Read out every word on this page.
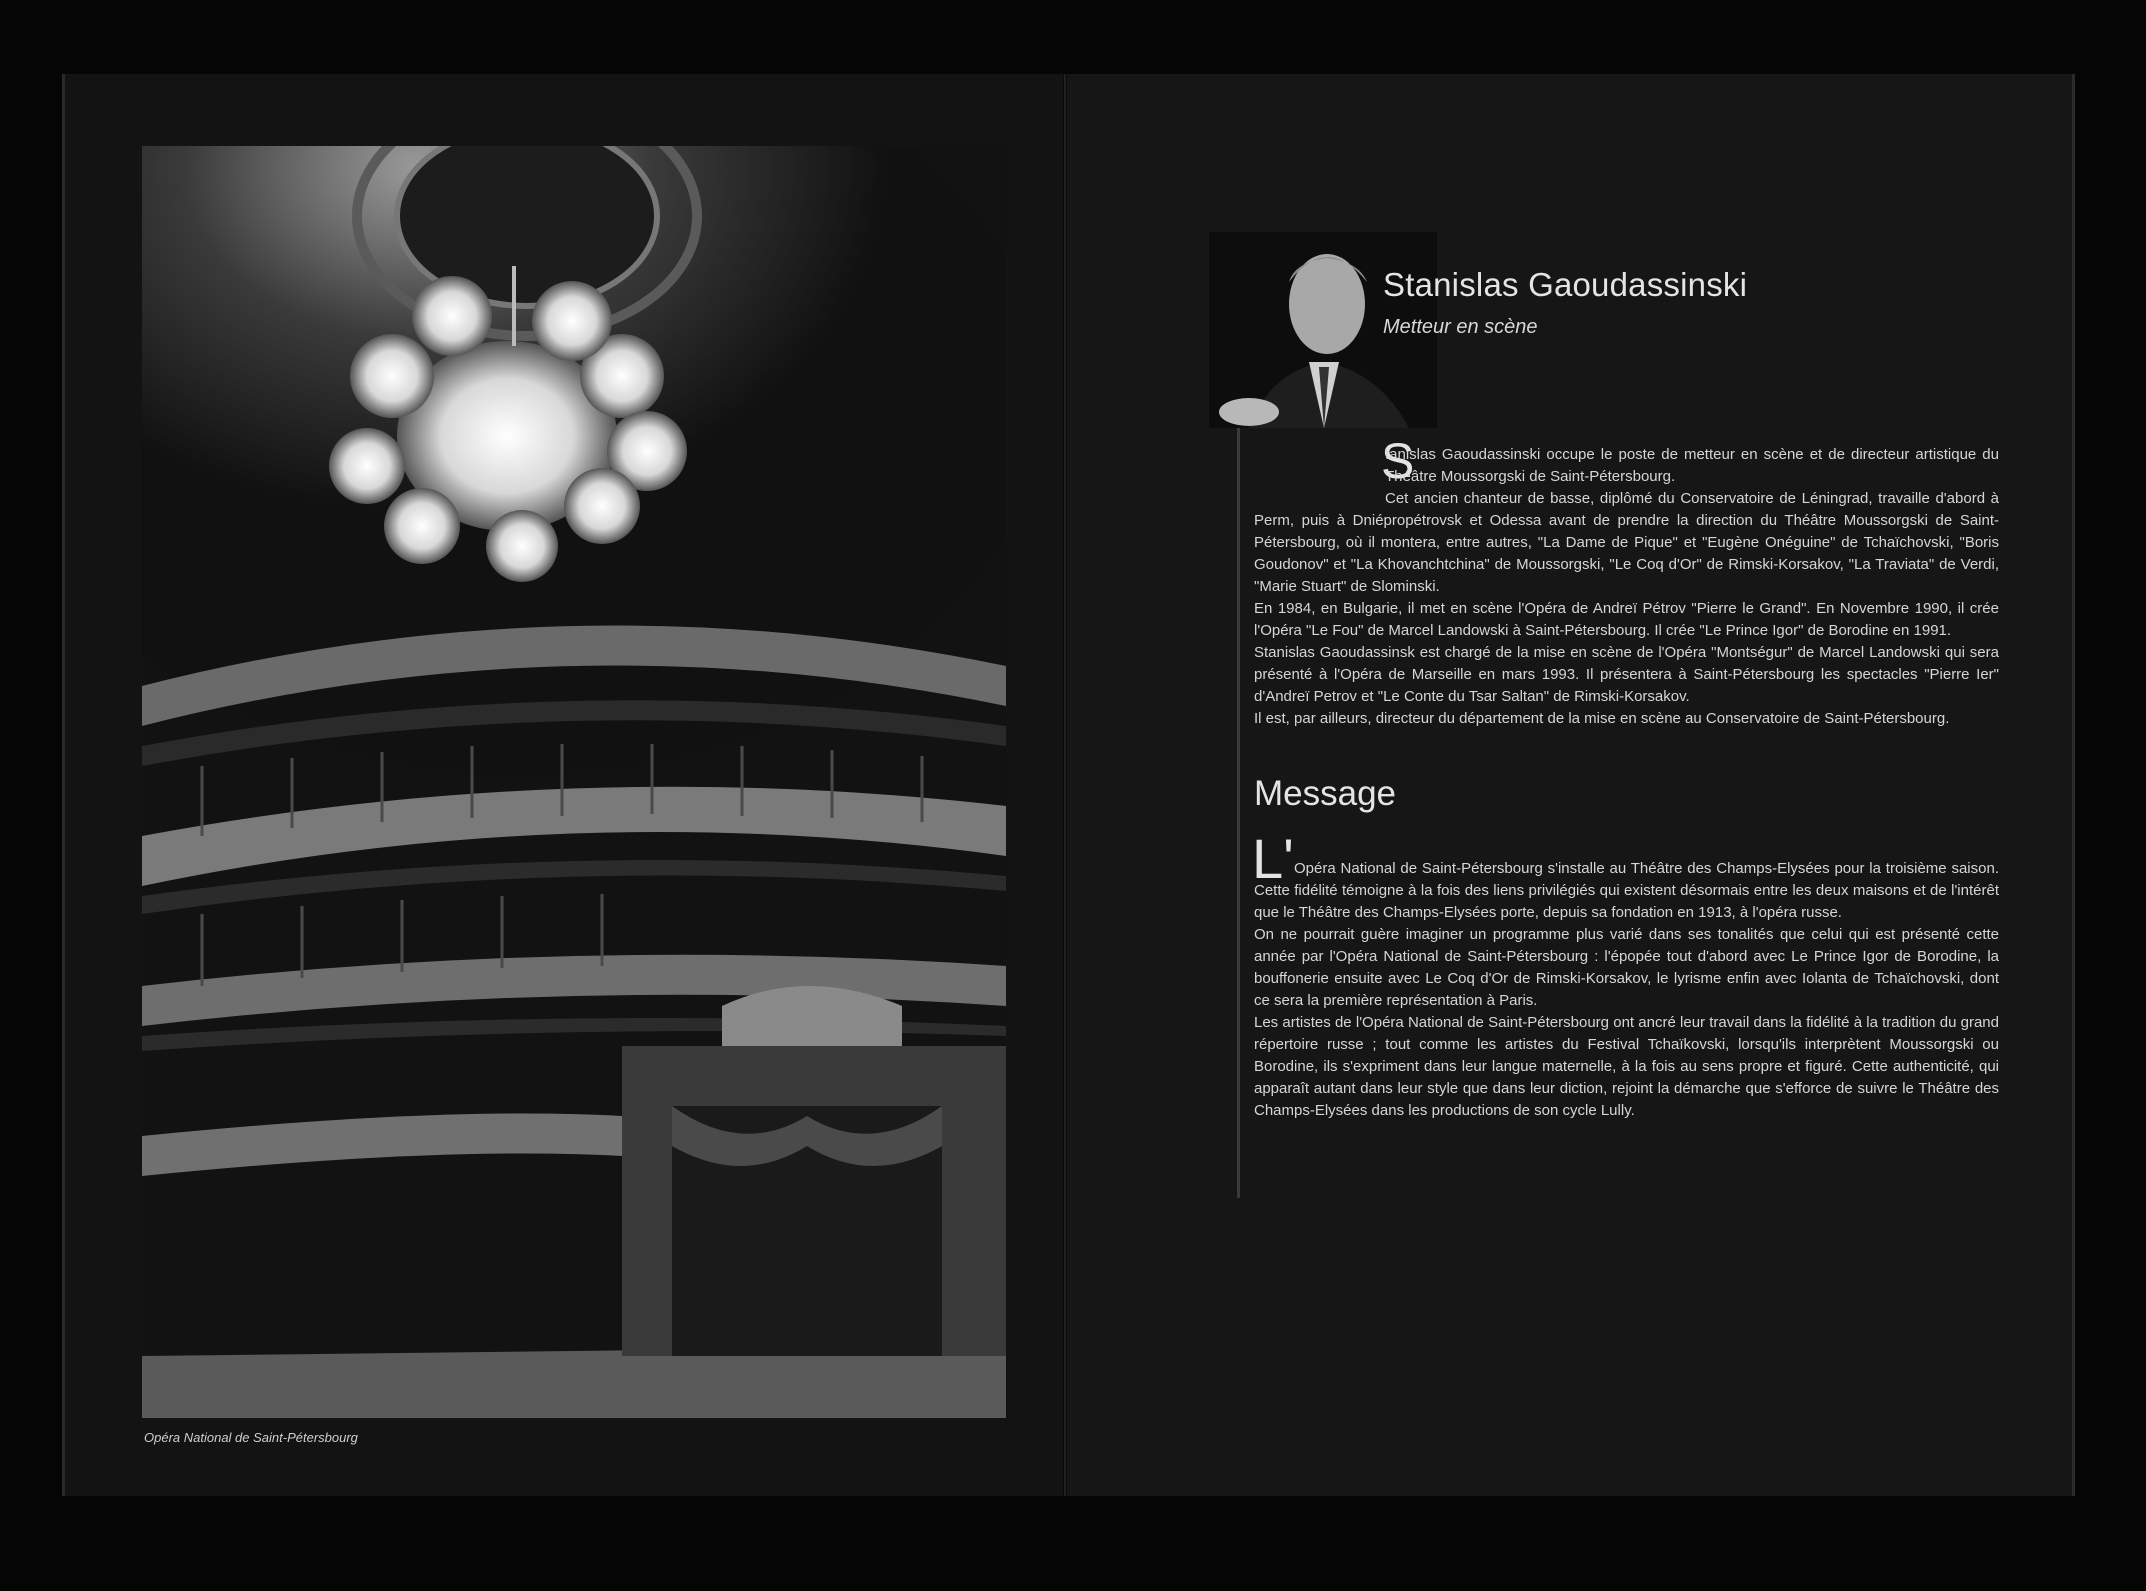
Opéra National de Saint-Pétersbourg
Stanislas Gaoudassinski
Metteur en scène
S

tanislas Gaoudassinski occupe le poste de metteur en scène et de directeur artistique du Théâtre Moussorgski de Saint-Pétersbourg.

Cet ancien chanteur de basse, diplômé du Conservatoire de Léningrad, travaille d'abord à Perm, puis à Dniépropétrovsk et Odessa avant de prendre la direction du Théâtre Moussorgski de Saint-Pétersbourg, où il montera, entre autres, "La Dame de Pique" et "Eugène Onéguine" de Tchaïchovski, "Boris Goudonov" et "La Khovanchtchina" de Moussorgski, "Le Coq d'Or" de Rimski-Korsakov, "La Traviata" de Verdi, "Marie Stuart" de Slominski.

En 1984, en Bulgarie, il met en scène l'Opéra de Andreï Pétrov "Pierre le Grand". En Novembre 1990, il crée l'Opéra "Le Fou" de Marcel Landowski à Saint-Pétersbourg. Il crée "Le Prince Igor" de Borodine en 1991.

Stanislas Gaoudassinsk est chargé de la mise en scène de l'Opéra "Montségur" de Marcel Landowski qui sera présenté à l'Opéra de Marseille en mars 1993. Il présentera à Saint-Pétersbourg les spectacles "Pierre Ier" d'Andreï Petrov et "Le Conte du Tsar Saltan" de Rimski-Korsakov.

Il est, par ailleurs, directeur du département de la mise en scène au Conservatoire de Saint-Pétersbourg.

Message
L' Opéra National de Saint-Pétersbourg s'installe au Théâtre des Champs-Elysées pour la troisième saison. Cette fidélité témoigne à la fois des liens privilégiés qui existent désormais entre les deux maisons et de l'intérêt que le Théâtre des Champs-Elysées porte, depuis sa fondation en 1913, à l'opéra russe.

On ne pourrait guère imaginer un programme plus varié dans ses tonalités que celui qui est présenté cette année par l'Opéra National de Saint-Pétersbourg : l'épopée tout d'abord avec Le Prince Igor de Borodine, la bouffonerie ensuite avec Le Coq d'Or de Rimski-Korsakov, le lyrisme enfin avec Iolanta de Tchaïchovski, dont ce sera la première représentation à Paris.

Les artistes de l'Opéra National de Saint-Pétersbourg ont ancré leur travail dans la fidélité à la tradition du grand répertoire russe ; tout comme les artistes du Festival Tchaïkovski, lorsqu'ils interprètent Moussorgski ou Borodine, ils s'expriment dans leur langue maternelle, à la fois au sens propre et figuré. Cette authenticité, qui apparaît autant dans leur style que dans leur diction, rejoint la démarche que s'efforce de suivre le Théâtre des Champs-Elysées dans les productions de son cycle Lully.
